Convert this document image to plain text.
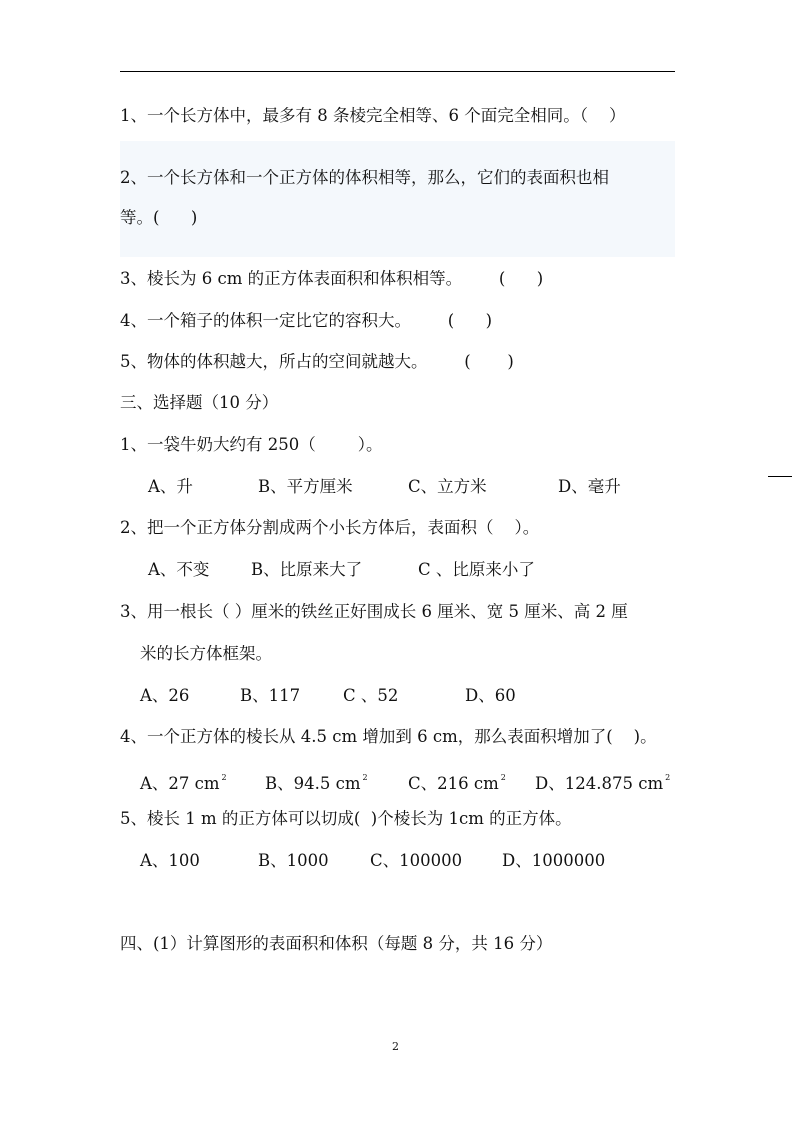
1、一个长方体中，最多有 8 条棱完全相等、6 个面完全相同。（    ）
2、一个长方体和一个正方体的体积相等，那么，它们的表面积也相
等。(      )
3、棱长为 6 cm 的正方体表面积和体积相等。       (      )
4、一个箱子的体积一定比它的容积大。       (      )
5、物体的体积越大，所占的空间就越大。       (       )
三、选择题（10 分）
1、一袋牛奶大约有 250（        ）。
A、升	B、平方厘米	C、立方米	D、毫升
2、把一个正方体分割成两个小长方体后，表面积（    ）。
A、不变	B、比原来大了	C 、比原来小了
3、用一根长（ ）厘米的铁丝正好围成长 6 厘米、宽 5 厘米、高 2 厘
米的长方体框架。
A、26	B、117	C 、52	D、60
4、一个正方体的棱长从 4.5 cm 增加到 6 cm，那么表面积增加了(    )。
A、27 cm $^2$ B、94.5 cm $^2$ C、216 cm $^2$ D、124.875 cm $^2$
5、棱长 1 m 的正方体可以切成(  )个棱长为 1cm 的正方体。
A、100	B、1000	C、100000 D、1000000
四、(1）计算图形的表面积和体积（每题 8 分，共 16 分）
2
